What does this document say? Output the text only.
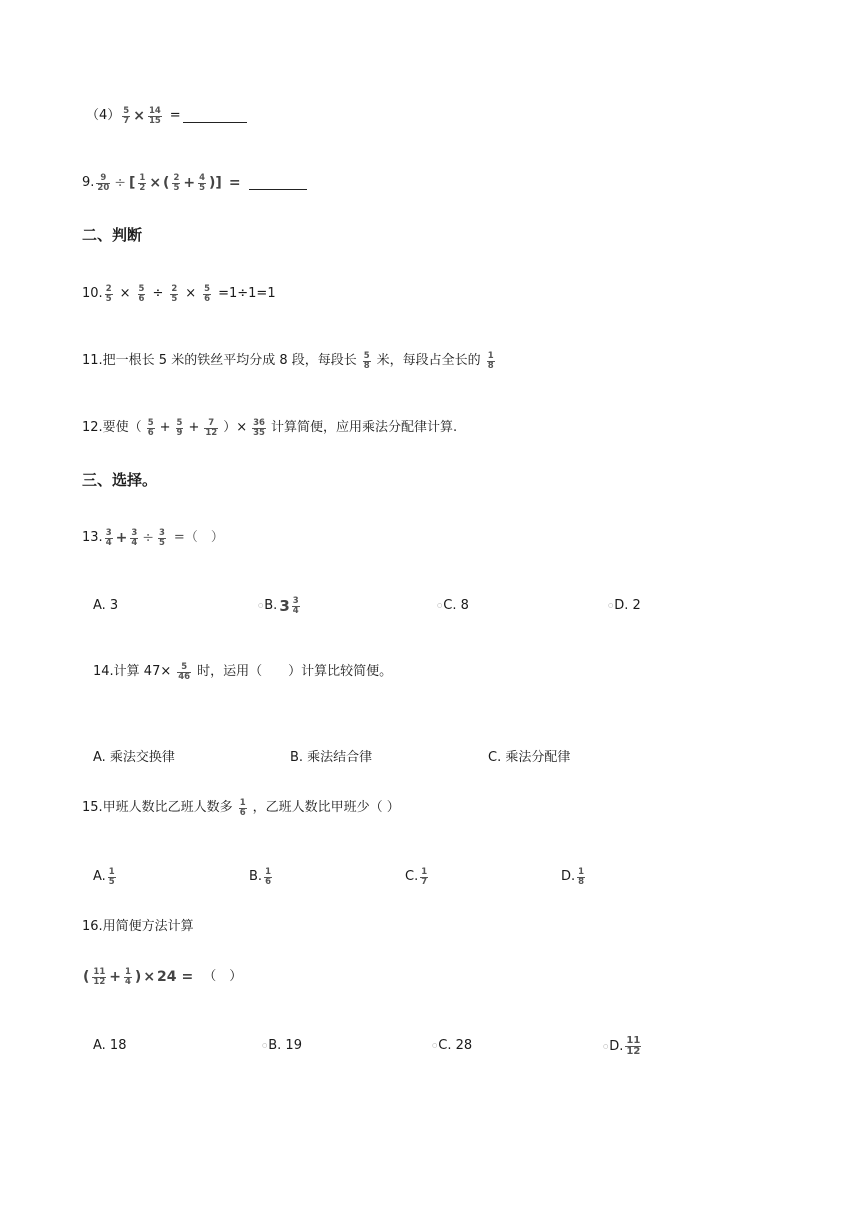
$(4) \frac{5}{7} \times \frac{14}{15}$ =
9. $\frac{9}{20}$ ÷ [ $\frac{1}{2}$ × ( $\frac{2}{5} + \frac{4}{5}$ )] =
二、判断
10. $\frac{2}{5} \times \frac{5}{6} \div \frac{2}{5} \times \frac{5}{6} =1\div 1=1$
11.把一根长 5 米的铁丝平均分成 8 段，每段长 $\frac{5}{8}$ 米，每段占全长的 $\frac{1}{8}$
12.要使（ $\frac{5}{6} + \frac{5}{9} + \frac{7}{12}$ ）× $\frac{36}{35}$ 计算简便，应用乘法分配律计算.
三、选择。
13. $\frac{3}{4} + \frac{3}{4} \div \frac{3}{5}$ =（　）
A. 3	○ B. $3 \frac{3}{4}$	○ C. 8	○ D. 2
14.计算 $47\times \frac{5}{46}$ 时，运用（　　）计算比较简便。
A. 乘法交换律	B. 乘法结合律	C. 乘法分配律
15.甲班人数比乙班人数多 $\frac{1}{6}$ ，乙班人数比甲班少（ ）
A. $\frac{1}{5}$	B. $\frac{1}{6}$	C. $\frac{1}{7}$	D. $\frac{1}{8}$
16.用简便方法计算
( $\frac{11}{12} + \frac{1}{4}$ ) × 24 = （　）
A. 18	○ B. 19	○ C. 28	○ D. $\frac{11}{12}$
